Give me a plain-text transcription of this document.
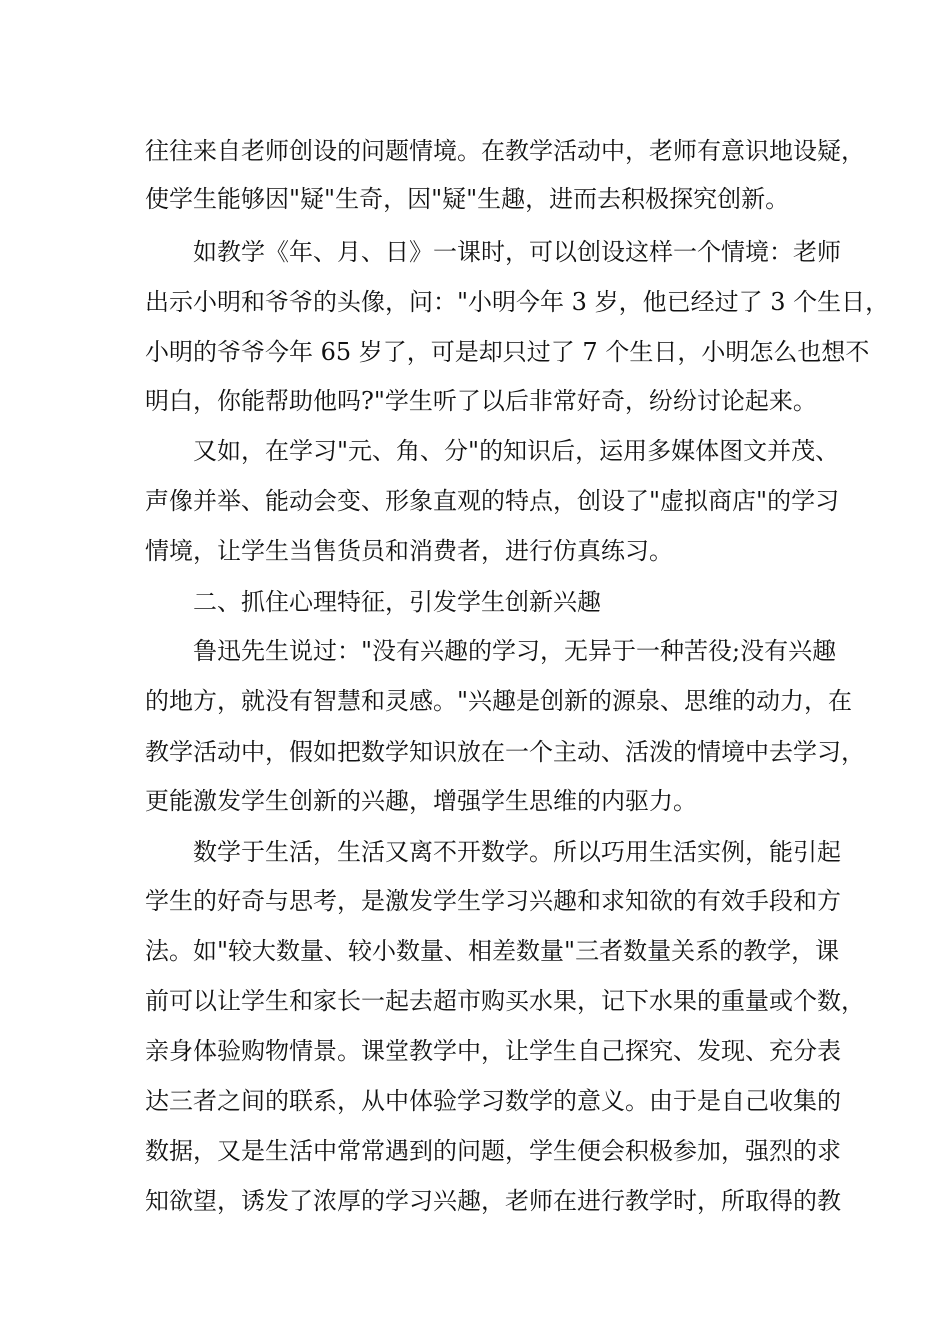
往往来自老师创设的问题情境。在教学活动中，老师有意识地设疑，
使学生能够因"疑"生奇，因"疑"生趣，进而去积极探究创新。
如教学《年、月、日》一课时，可以创设这样一个情境：老师
出示小明和爷爷的头像，问："小明今年 3 岁，他已经过了 3 个生日，
小明的爷爷今年 65 岁了，可是却只过了 7 个生日，小明怎么也想不
明白，你能帮助他吗?"学生听了以后非常好奇，纷纷讨论起来。
又如，在学习"元、角、分"的知识后，运用多媒体图文并茂、
声像并举、能动会变、形象直观的特点，创设了"虚拟商店"的学习
情境，让学生当售货员和消费者，进行仿真练习。
二、抓住心理特征，引发学生创新兴趣
鲁迅先生说过："没有兴趣的学习，无异于一种苦役;没有兴趣
的地方，就没有智慧和灵感。"兴趣是创新的源泉、思维的动力，在
教学活动中，假如把数学知识放在一个主动、活泼的情境中去学习，
更能激发学生创新的兴趣，增强学生思维的内驱力。
数学于生活，生活又离不开数学。所以巧用生活实例，能引起
学生的好奇与思考，是激发学生学习兴趣和求知欲的有效手段和方
法。如"较大数量、较小数量、相差数量"三者数量关系的教学，课
前可以让学生和家长一起去超市购买水果，记下水果的重量或个数，
亲身体验购物情景。课堂教学中，让学生自己探究、发现、充分表
达三者之间的联系，从中体验学习数学的意义。由于是自己收集的
数据，又是生活中常常遇到的问题，学生便会积极参加，强烈的求
知欲望，诱发了浓厚的学习兴趣，老师在进行教学时，所取得的教
